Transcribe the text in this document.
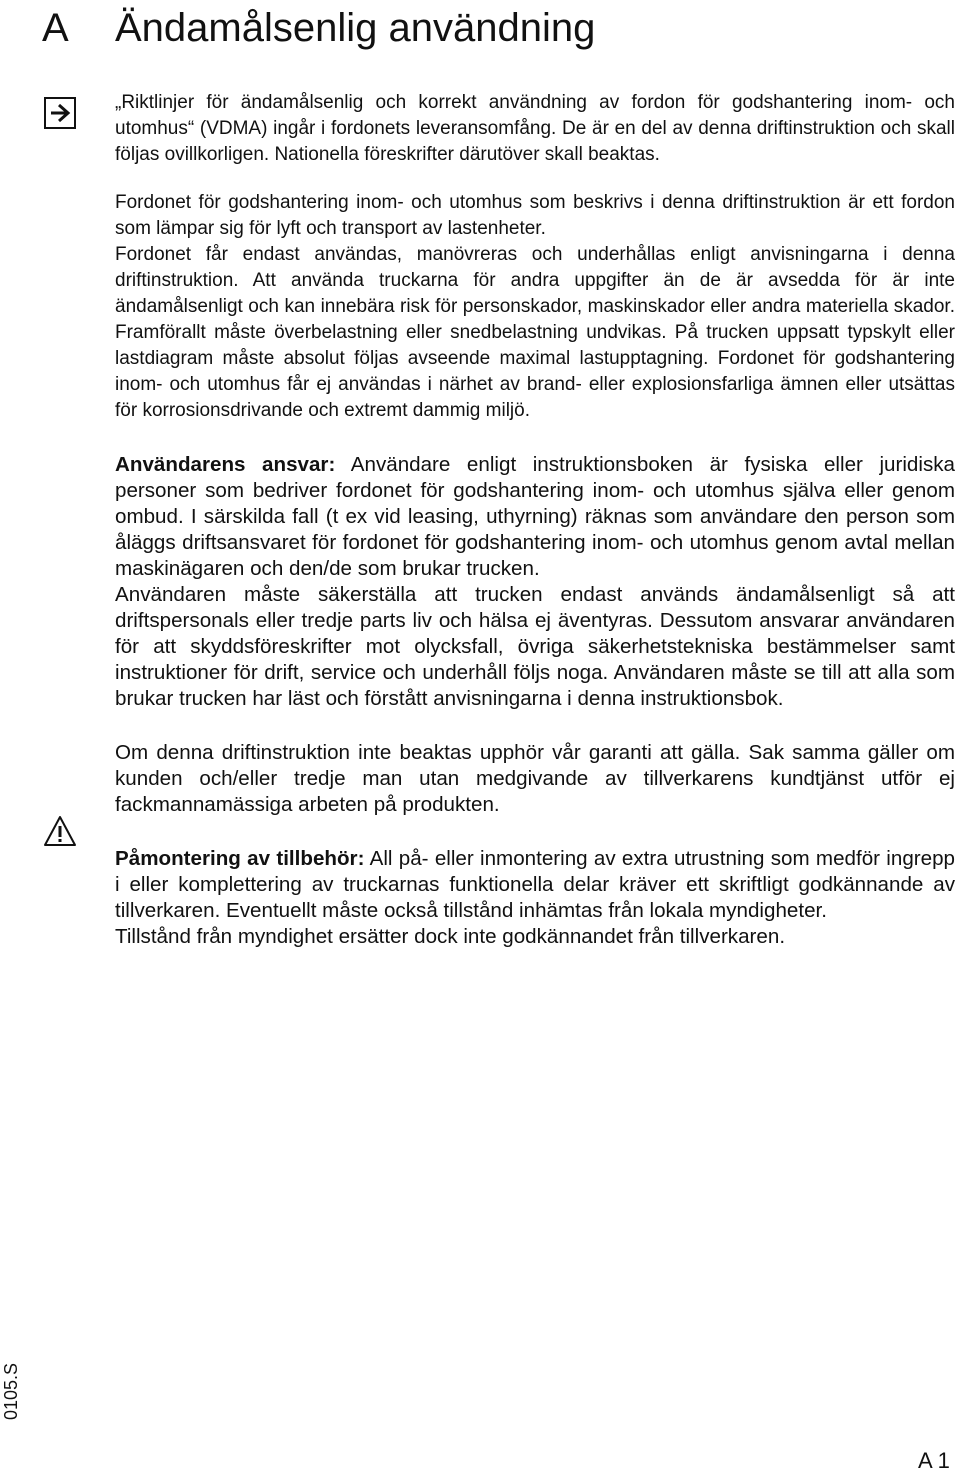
A Ändamålsenlig användning

„Riktlinjer för ändamålsenlig och korrekt användning av fordon för godshantering inom- och utomhus“ (VDMA) ingår i fordonets leveransomfång. De är en del av denna driftinstruktion och skall följas ovillkorligen. Nationella föreskrifter därutöver skall beaktas.

Fordonet för godshantering inom- och utomhus som beskrivs i denna driftinstruktion är ett fordon som lämpar sig för lyft och transport av lastenheter.

Fordonet får endast användas, manövreras och underhållas enligt anvisningarna i denna driftinstruktion. Att använda truckarna för andra uppgifter än de är avsedda för är inte ändamålsenligt och kan innebära risk för personskador, maskinskador eller andra materiella skador. Framförallt måste överbelastning eller snedbelastning undvikas. På trucken uppsatt typskylt eller lastdiagram måste absolut följas avseende maximal lastupptagning. Fordonet för godshantering inom- och utomhus får ej användas i närhet av brand- eller explosionsfarliga ämnen eller utsättas för korrosionsdrivande och extremt dammig miljö.

Användarens ansvar: Användare enligt instruktionsboken är fysiska eller juridiska personer som bedriver fordonet för godshantering inom- och utomhus själva eller genom ombud. I särskilda fall (t ex vid leasing, uthyrning) räknas som användare den person som åläggs driftsansvaret för fordonet för godshantering inom- och utomhus genom avtal mellan maskinägaren och den/de som brukar trucken.

Användaren måste säkerställa att trucken endast används ändamålsenligt så att driftspersonals eller tredje parts liv och hälsa ej äventyras. Dessutom ansvarar användaren för att skyddsföreskrifter mot olycksfall, övriga säkerhetstekniska bestämmelser samt instruktioner för drift, service och underhåll följs noga. Användaren måste se till att alla som brukar trucken har läst och förstått anvisningarna i denna instruktionsbok.

Om denna driftinstruktion inte beaktas upphör vår garanti att gälla. Sak samma gäller om kunden och/eller tredje man utan medgivande av tillverkarens kundtjänst utför ej fackmannamässiga arbeten på produkten.

Påmontering av tillbehör: All på- eller inmontering av extra utrustning som medför ingrepp i eller komplettering av truckarnas funktionella delar kräver ett skriftligt godkännande av tillverkaren. Eventuellt måste också tillstånd inhämtas från lokala myndigheter.

Tillstånd från myndighet ersätter dock inte godkännandet från tillverkaren.

0105.S
A 1
